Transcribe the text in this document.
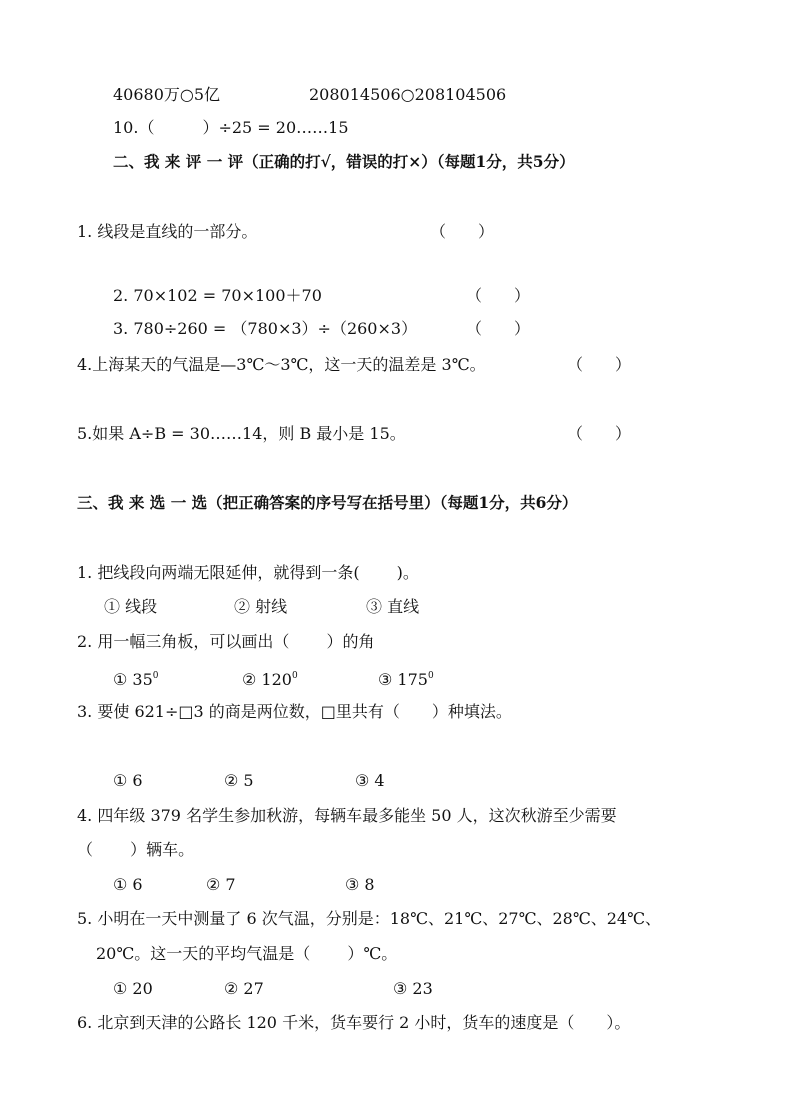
40680万○5亿	208014506○208104506
10.（　　　）÷25 = 20……15
二、我 来 评 一 评（正确的打√，错误的打×）（每题1分，共5分）
1. 线段是直线的一部分。	（　　）
2. 70×102 = 70×100＋70	（　　）
3. 780÷260 = （780×3）÷（260×3）	（　　）
4.上海某天的气温是—3℃～3℃，这一天的温差是 3℃。	（　　）
5.如果 A÷B = 30……14，则 B 最小是 15。	（　　）
三、我 来 选 一 选（把正确答案的序号写在括号里）（每题1分，共6分）
1. 把线段向两端无限延伸，就得到一条(　　 )。
① 线段	② 射线	③ 直线
2. 用一幅三角板，可以画出（　　 ）的角
① $35^0$	② $120^0$	③ $175^0$
3. 要使 621÷□3 的商是两位数，□里共有（　　）种填法。
① 6	② 5	③ 4
4. 四年级 379 名学生参加秋游，每辆车最多能坐 50 人，这次秋游至少需要
（　　 ）辆车。
① 6	② 7	③ 8
5. 小明在一天中测量了 6 次气温，分别是：18℃、21℃、27℃、28℃、24℃、
20℃。这一天的平均气温是（　　 ）℃。
① 20	② 27	③ 23
6. 北京到天津的公路长 120 千米，货车要行 2 小时，货车的速度是（　　）。
